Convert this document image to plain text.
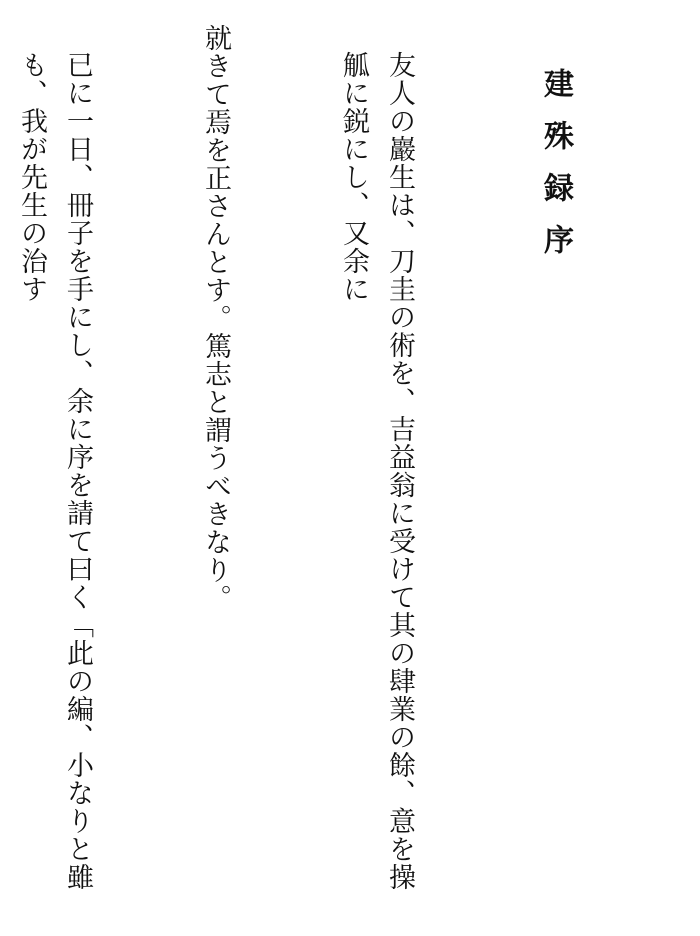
建殊録序

友人の巖生は、刀圭の術を、吉益翁に受けて其の肆業の餘、意を操觚に鋭にし、又余に

就きて焉を正さんとす。篤志と謂うべきなり。

已に一日、冊子を手にし、余に序を請て曰く「此の編、小なりと雖も、我が先生の治す
